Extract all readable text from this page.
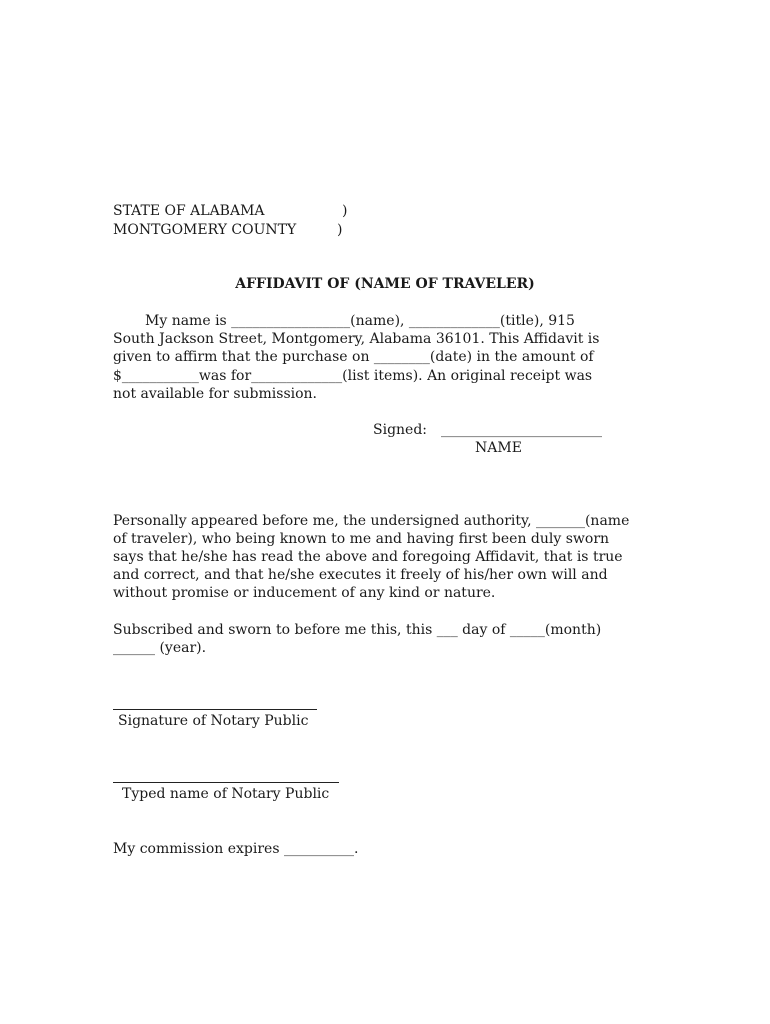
STATE OF ALABAMA	)
MONTGOMERY COUNTY	)
AFFIDAVIT OF (NAME OF TRAVELER)
My name is _________________(name), _____________(title), 915
South Jackson Street, Montgomery, Alabama 36101. This Affidavit is
given to affirm that the purchase on ________(date) in the amount of
$___________was for_____________(list items). An original receipt was
not available for submission.
Signed: _______________________
NAME
Personally appeared before me, the undersigned authority, _______(name
of traveler), who being known to me and having first been duly sworn
says that he/she has read the above and foregoing Affidavit, that is true
and correct, and that he/she executes it freely of his/her own will and
without promise or inducement of any kind or nature.
Subscribed and sworn to before me this, this ___ day of _____(month)
______ (year).
Signature of Notary Public
Typed name of Notary Public
My commission expires __________.
